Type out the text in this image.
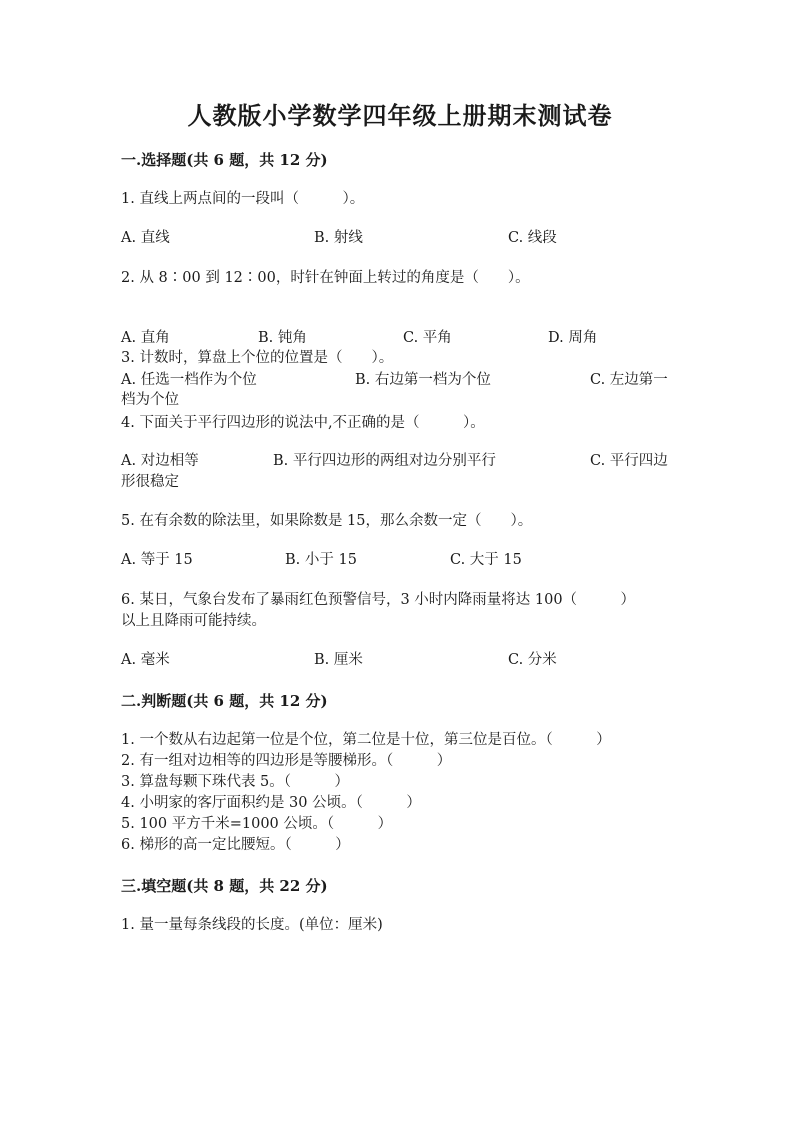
人教版小学数学四年级上册期末测试卷
一.选择题(共 6 题，共 12 分)
1. 直线上两点间的一段叫（　　　）。
A. 直线	B. 射线	C. 线段
2. 从 8∶00 到 12∶00，时针在钟面上转过的角度是（　　）。
A. 直角	B. 钝角	C. 平角	D. 周角
3. 计数时，算盘上个位的位置是（　　）。
A. 任选一档作为个位	B. 右边第一档为个位	C. 左边第一
档为个位
4. 下面关于平行四边形的说法中,不正确的是（　　　）。
A. 对边相等	B. 平行四边形的两组对边分别平行	C. 平行四边
形很稳定
5. 在有余数的除法里，如果除数是 15，那么余数一定（　　）。
A. 等于 15	B. 小于 15	C. 大于 15
6. 某日，气象台发布了暴雨红色预警信号，3 小时内降雨量将达 100（　　　）
以上且降雨可能持续。
A. 毫米	B. 厘米	C. 分米
二.判断题(共 6 题，共 12 分)
1. 一个数从右边起第一位是个位，第二位是十位，第三位是百位。（　　　）
2. 有一组对边相等的四边形是等腰梯形。（　　　）
3. 算盘每颗下珠代表 5。（　　　）
4. 小明家的客厅面积约是 30 公顷。（　　　）
5. 100 平方千米=1000 公顷。（　　　）
6. 梯形的高一定比腰短。（　　　）
三.填空题(共 8 题，共 22 分)
1. 量一量每条线段的长度。(单位：厘米)
